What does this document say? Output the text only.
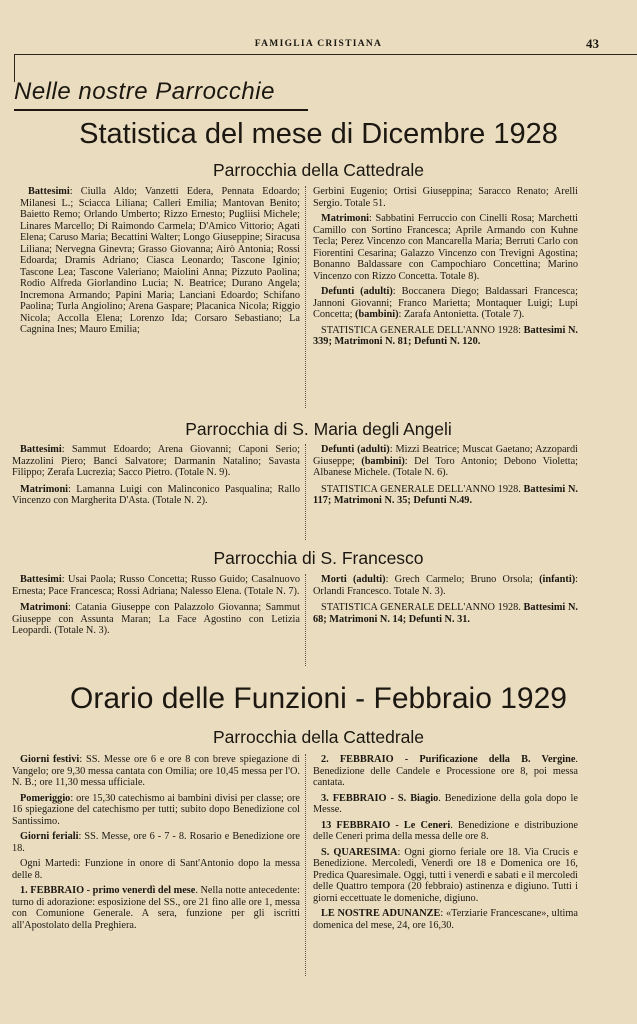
FAMIGLIA CRISTIANA	43
Nelle nostre Parrocchie
Statistica del mese di Dicembre 1928
Parrocchia della Cattedrale

Battesimi: Ciulla Aldo; Vanzetti Edera, Pennata Edoardo; Milanesi L.; Sciacca Liliana; Calleri Emilia; Mantovan Benito; Baietto Remo; Orlando Umberto; Rizzo Ernesto; Pugliisi Michele; Linares Marcello; Di Raimondo Carmela; D'Amico Vittorio; Agati Elena; Caruso Maria; Becattini Walter; Longo Giuseppine; Siracusa Liliana; Nervegna Ginevra; Grasso Giovanna; Airò Antonia; Rossi Edoarda; Dramis Adriano; Ciasca Leonardo; Tascone Iginio; Tascone Lea; Tascone Valeriano; Maiolini Anna; Pizzuto Paolina; Rodio Alfreda Giorlandino Lucia; N. Beatrice; Durano Angela; Incremona Armando; Papini Maria; Lanciani Edoardo; Schifano Paolina; Turla Angiolino; Arena Gaspare; Placanica Nicola; Riggio Nicola; Accolla Elena; Lorenzo Ida; Corsaro Sebastiano; La Cagnina Ines; Mauro Emilia;

Gerbini Eugenio; Ortisi Giuseppina; Saracco Renato; Arelli Sergio. Totale 51.

Matrimoni: Sabbatini Ferruccio con Cinelli Rosa; Marchetti Camillo con Sortino Francesca; Aprile Armando con Kuhne Tecla; Perez Vincenzo con Mancarella Maria; Berruti Carlo con Fiorentini Cesarina; Galazzo Vincenzo con Trevigni Agostina; Bonanno Baldassare con Campochiaro Concettina; Marino Vincenzo con Rizzo Concetta. Totale 8).

Defunti (adulti): Boccanera Diego; Baldassari Francesca; Jannoni Giovanni; Franco Marietta; Montaquer Luigi; Lupi Concetta; (bambini): Zarafa Antonietta. (Totale 7).

STATISTICA GENERALE DELL'ANNO 1928: Battesimi N. 339; Matrimoni N. 81; Defunti N. 120.

Parrocchia di S. Maria degli Angeli

Battesimi: Sammut Edoardo; Arena Giovanni; Caponi Serio; Mazzolini Piero; Banci Salvatore; Darmanin Natalino; Savasta Filippo; Zerafa Lucrezia; Sacco Pietro. (Totale N. 9).

Matrimoni: Lamanna Luigi con Malinconico Pasqualina; Rallo Vincenzo con Margherita D'Asta. (Totale N. 2).

Defunti (adulti): Mizzi Beatrice; Muscat Gaetano; Azzopardi Giuseppe; (bambini): Del Toro Antonio; Debono Violetta; Albanese Michele. (Totale N. 6).

STATISTICA GENERALE DELL'ANNO 1928. Battesimi N. 117; Matrimoni N. 35; Defunti N.49.

Parrocchia di S. Francesco

Battesimi: Usai Paola; Russo Concetta; Russo Guido; Casalnuovo Ernesta; Pace Francesca; Rossi Adriana; Nalesso Elena. (Totale N. 7).

Matrimoni: Catania Giuseppe con Palazzolo Giovanna; Sammut Giuseppe con Assunta Maran; La Face Agostino con Letizia Leopardi. (Totale N. 3).

Morti (adulti): Grech Carmelo; Bruno Orsola; (infanti): Orlandi Francesco. Totale N. 3).

STATISTICA GENERALE DELL'ANNO 1928. Battesimi N. 68; Matrimoni N. 14; Defunti N. 31.

Orario delle Funzioni - Febbraio 1929
Parrocchia della Cattedrale

Giorni festivi: SS. Messe ore 6 e ore 8 con breve spiegazione di Vangelo; ore 9,30 messa cantata con Omilia; ore 10,45 messa per l'O. N. B.; ore 11,30 messa ufficiale.

Pomeriggio: ore 15,30 catechismo ai bambini divisi per classe; ore 16 spiegazione del catechismo per tutti; subito dopo Benedizione col Santissimo.

Giorni feriali: SS. Messe, ore 6 - 7 - 8. Rosario e Benedizione ore 18.

Ogni Martedì: Funzione in onore di Sant'Antonio dopo la messa delle 8.

1. FEBBRAIO - primo venerdì del mese. Nella notte antecedente: turno di adorazione: esposizione del SS., ore 21 fino alle ore 1, messa con Comunione Generale. A sera, funzione per gli iscritti all'Apostolato della Preghiera.

2. FEBBRAIO - Purificazione della B. Vergine. Benedizione delle Candele e Processione ore 8, poi messa cantata.

3. FEBBRAIO - S. Biagio. Benedizione della gola dopo le Messe.

13 FEBBRAIO - Le Ceneri. Benedizione e distribuzione delle Ceneri prima della messa delle ore 8.

S. QUARESIMA: Ogni giorno feriale ore 18. Via Crucis e Benedizione. Mercoledì, Venerdì ore 18 e Domenica ore 16, Predica Quaresimale. Oggi, tutti i venerdì e sabati e il mercoledì delle Quattro tempora (20 febbraio) astinenza e digiuno. Tutti i giorni eccettuate le domeniche, digiuno.

LE NOSTRE ADUNANZE: «Terziarie Francescane», ultima domenica del mese, 24, ore 16,30.
